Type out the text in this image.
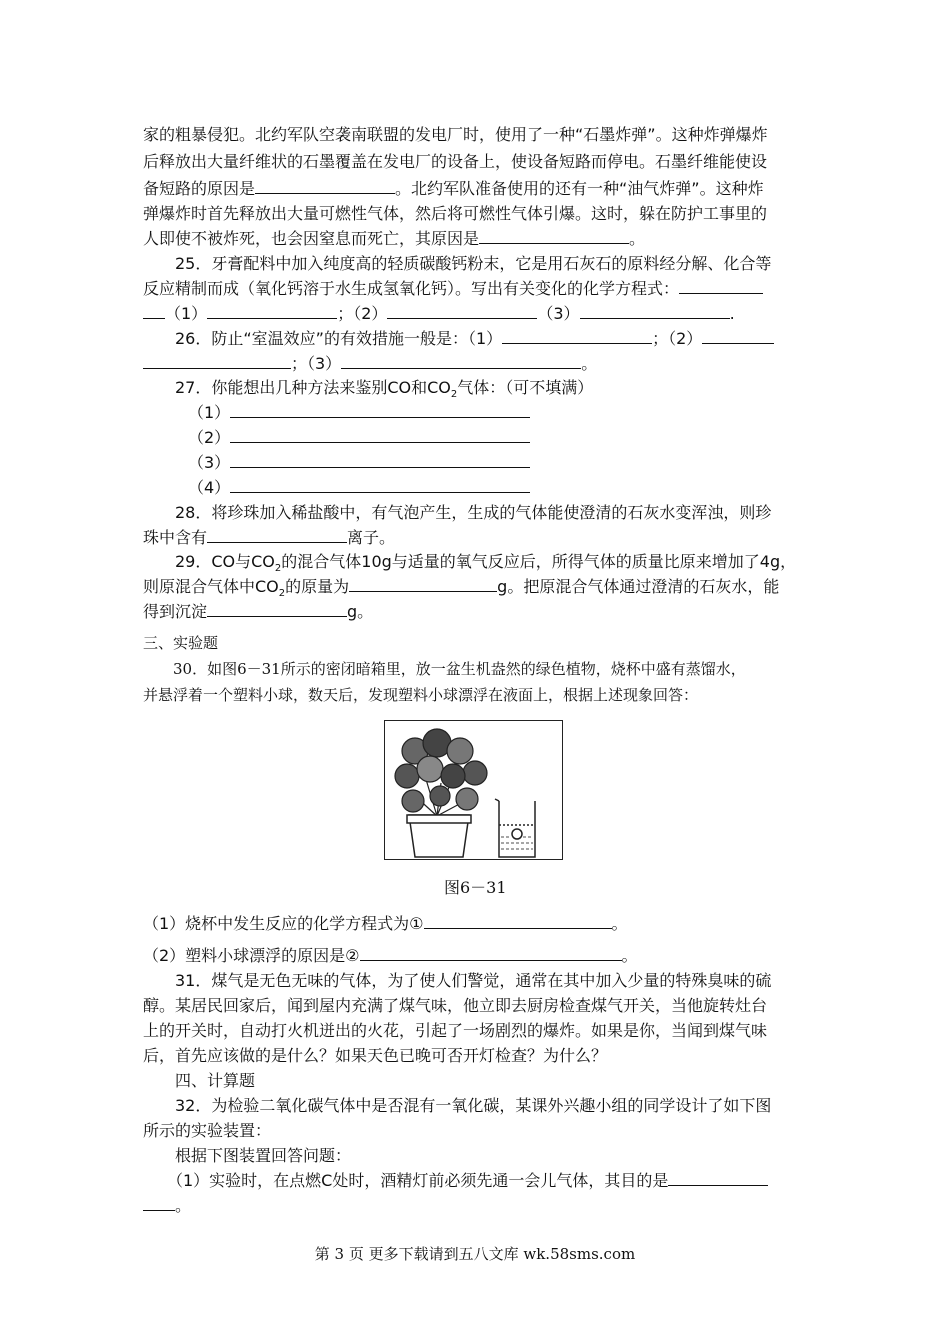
家的粗暴侵犯。北约军队空袭南联盟的发电厂时，使用了一种“石墨炸弹”。这种炸弹爆炸
后释放出大量纤维状的石墨覆盖在发电厂的设备上，使设备短路而停电。石墨纤维能使设
备短路的原因是	。北约军队准备使用的还有一种“油气炸弹”。这种炸
弹爆炸时首先释放出大量可燃性气体，然后将可燃性气体引爆。这时，躲在防护工事里的
人即使不被炸死，也会因窒息而死亡，其原因是	。
　　25．牙膏配料中加入纯度高的轻质碳酸钙粉末，它是用石灰石的原料经分解、化合等
反应精制而成（氧化钙溶于水生成氢氧化钙）。写出有关变化的化学方程式：
（1）	；（2）	（3）	.
　　26．防止“室温效应”的有效措施一般是：（1）	；（2）
；（3）	。
　　27．你能想出几种方法来鉴别CO和$CO_2$气体：（可不填满）
（1）
（2）
（3）
（4）
　　28．将珍珠加入稀盐酸中，有气泡产生，生成的气体能使澄清的石灰水变浑浊，则珍
珠中含有	离子。
　　29．CO与$CO_2$的混合气体10g与适量的氧气反应后，所得气体的质量比原来增加了4g，
则原混合气体中$CO_2$的原量为	g。把原混合气体通过澄清的石灰水，能
得到沉淀	g。
三、实验题
　　30．如图6－31所示的密闭暗箱里，放一盆生机盎然的绿色植物，烧杯中盛有蒸馏水，
并悬浮着一个塑料小球，数天后，发现塑料小球漂浮在液面上，根据上述现象回答：
图6－31
（1）烧杯中发生反应的化学方程式为①	。
（2）塑料小球漂浮的原因是②	。
　　31．煤气是无色无味的气体，为了使人们警觉，通常在其中加入少量的特殊臭味的硫
醇。某居民回家后，闻到屋内充满了煤气味，他立即去厨房检查煤气开关，当他旋转灶台
上的开关时，自动打火机迸出的火花，引起了一场剧烈的爆炸。如果是你，当闻到煤气味
后，首先应该做的是什么？如果天色已晚可否开灯检查？为什么？
　　四、计算题
　　32．为检验二氧化碳气体中是否混有一氧化碳，某课外兴趣小组的同学设计了如下图
所示的实验装置：
　　根据下图装置回答问题：
　　（1）实验时，在点燃C处时，酒精灯前必须先通一会儿气体，其目的是
。
第 3 页 更多下载请到五八文库 wk.58sms.com
